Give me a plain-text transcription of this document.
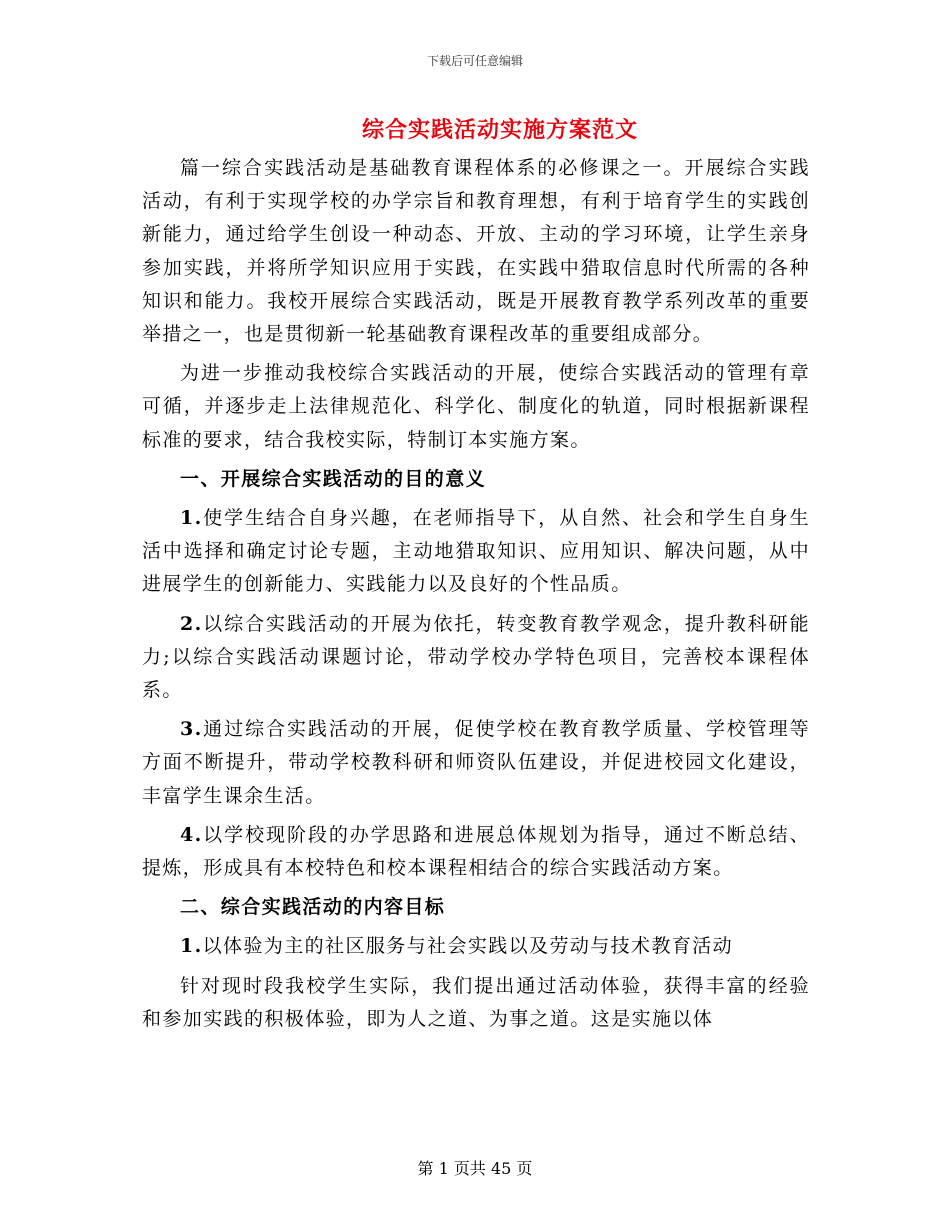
下载后可任意编辑
综合实践活动实施方案范文

篇一综合实践活动是基础教育课程体系的必修课之一。开展综合实践活动，有利于实现学校的办学宗旨和教育理想，有利于培育学生的实践创新能力，通过给学生创设一种动态、开放、主动的学习环境，让学生亲身参加实践，并将所学知识应用于实践，在实践中猎取信息时代所需的各种知识和能力。我校开展综合实践活动，既是开展教育教学系列改革的重要举措之一，也是贯彻新一轮基础教育课程改革的重要组成部分。

为进一步推动我校综合实践活动的开展，使综合实践活动的管理有章可循，并逐步走上法律规范化、科学化、制度化的轨道，同时根据新课程标准的要求，结合我校实际，特制订本实施方案。

一、开展综合实践活动的目的意义

1.使学生结合自身兴趣，在老师指导下，从自然、社会和学生自身生活中选择和确定讨论专题，主动地猎取知识、应用知识、解决问题，从中进展学生的创新能力、实践能力以及良好的个性品质。

2.以综合实践活动的开展为依托，转变教育教学观念，提升教科研能力;以综合实践活动课题讨论，带动学校办学特色项目，完善校本课程体系。

3.通过综合实践活动的开展，促使学校在教育教学质量、学校管理等方面不断提升，带动学校教科研和师资队伍建设，并促进校园文化建设，丰富学生课余生活。

4.以学校现阶段的办学思路和进展总体规划为指导，通过不断总结、提炼，形成具有本校特色和校本课程相结合的综合实践活动方案。

二、综合实践活动的内容目标

1.以体验为主的社区服务与社会实践以及劳动与技术教育活动

针对现时段我校学生实际，我们提出通过活动体验，获得丰富的经验和参加实践的积极体验，即为人之道、为事之道。这是实施以体

第 1 页共 45 页
